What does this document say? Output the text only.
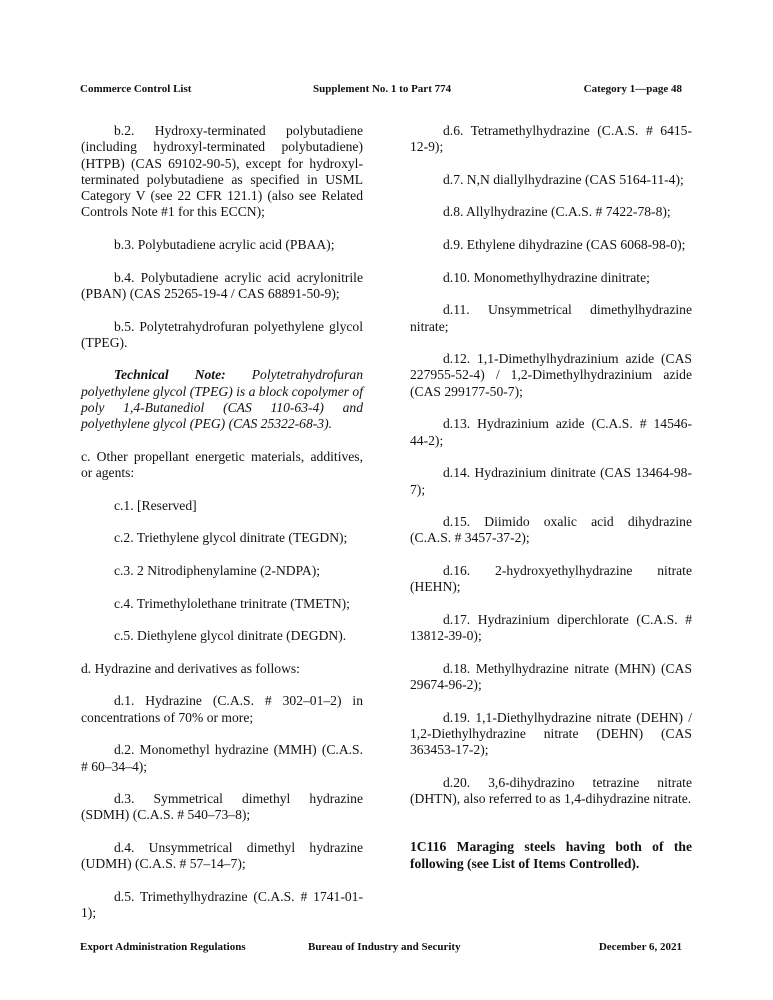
Commerce Control List	Supplement No. 1 to Part 774	Category 1—page 48

b.2. Hydroxy-terminated polybutadiene (including hydroxyl-terminated polybutadiene) (HTPB) (CAS 69102-90-5), except for hydroxyl-terminated polybutadiene as specified in USML Category V (see 22 CFR 121.1) (also see Related Controls Note #1 for this ECCN);

b.3. Polybutadiene acrylic acid (PBAA);

b.4. Polybutadiene acrylic acid acrylonitrile (PBAN) (CAS 25265-19-4 / CAS 68891-50-9);

b.5. Polytetrahydrofuran polyethylene glycol (TPEG).

Technical Note: Polytetrahydrofuran polyethylene glycol (TPEG) is a block copolymer of poly 1,4-Butanediol (CAS 110-63-4) and polyethylene glycol (PEG) (CAS 25322-68-3).

c. Other propellant energetic materials, additives, or agents:

c.1. [Reserved]

c.2. Triethylene glycol dinitrate (TEGDN);

c.3. 2 Nitrodiphenylamine (2-NDPA);

c.4. Trimethylolethane trinitrate (TMETN);

c.5. Diethylene glycol dinitrate (DEGDN).

d. Hydrazine and derivatives as follows:

d.1. Hydrazine (C.A.S. # 302–01–2) in concentrations of 70% or more;

d.2. Monomethyl hydrazine (MMH) (C.A.S. # 60–34–4);

d.3. Symmetrical dimethyl hydrazine (SDMH) (C.A.S. # 540–73–8);

d.4. Unsymmetrical dimethyl hydrazine (UDMH) (C.A.S. # 57–14–7);

d.5. Trimethylhydrazine (C.A.S. # 1741-01-1);

d.6. Tetramethylhydrazine (C.A.S. # 6415-12-9);

d.7. N,N diallylhydrazine (CAS 5164-11-4);

d.8. Allylhydrazine (C.A.S. # 7422-78-8);

d.9. Ethylene dihydrazine (CAS 6068-98-0);

d.10. Monomethylhydrazine dinitrate;

d.11. Unsymmetrical dimethylhydrazine nitrate;

d.12. 1,1-Dimethylhydrazinium azide (CAS 227955-52-4) / 1,2-Dimethylhydrazinium azide (CAS 299177-50-7);

d.13. Hydrazinium azide (C.A.S. # 14546-44-2);

d.14. Hydrazinium dinitrate (CAS 13464-98-7);

d.15. Diimido oxalic acid dihydrazine (C.A.S. # 3457-37-2);

d.16. 2-hydroxyethylhydrazine nitrate (HEHN);

d.17. Hydrazinium diperchlorate (C.A.S. # 13812-39-0);

d.18. Methylhydrazine nitrate (MHN) (CAS 29674-96-2);

d.19. 1,1-Diethylhydrazine nitrate (DEHN) / 1,2-Diethylhydrazine nitrate (DEHN) (CAS 363453-17-2);

d.20. 3,6-dihydrazino tetrazine nitrate (DHTN), also referred to as 1,4-dihydrazine nitrate.

1C116 Maraging steels having both of the following (see List of Items Controlled).

Export Administration Regulations	Bureau of Industry and Security	December 6, 2021
